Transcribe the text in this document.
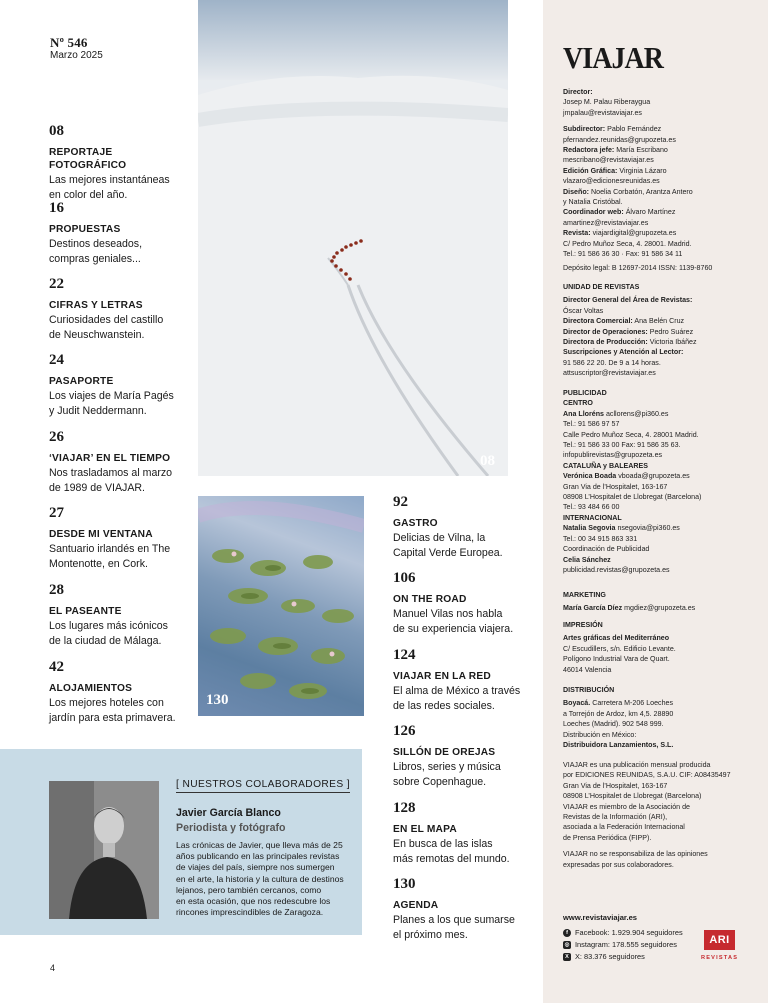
Nº 546
Marzo 2025
08
REPORTAJE FOTOGRÁFICO
Las mejores instantáneas
en color del año.
16
PROPUESTAS
Destinos deseados,
compras geniales...
22
CIFRAS Y LETRAS
Curiosidades del castillo
de Neuschwanstein.
24
PASAPORTE
Los viajes de María Pagés
y Judit Neddermann.
26
‘VIAJAR’ EN EL TIEMPO
Nos trasladamos al marzo
de 1989 de VIAJAR.
27
DESDE MI VENTANA
Santuario irlandés en The
Montenotte, en Cork.
28
EL PASEANTE
Los lugares más icónicos
de la ciudad de Málaga.
42
ALOJAMIENTOS
Los mejores hoteles con
jardín para esta primavera.
08
130
92
GASTRO
Delicias de Vilna, la
Capital Verde Europea.
106
ON THE ROAD
Manuel Vilas nos habla
de su experiencia viajera.
124
VIAJAR EN LA RED
El alma de México a través
de las redes sociales.
126
SILLÓN DE OREJAS
Libros, series y música
sobre Copenhague.
128
EN EL MAPA
En busca de las islas
más remotas del mundo.
130
AGENDA
Planes a los que sumarse
el próximo mes.
[ NUESTROS COLABORADORES ]
Javier García Blanco
Periodista y fotógrafo
Las crónicas de Javier, que lleva más de 25
años publicando en las principales revistas
de viajes del país, siempre nos sumergen
en el arte, la historia y la cultura de destinos
lejanos, pero también cercanos, como
en esta ocasión, que nos redescubre los
rincones imprescindibles de Zaragoza.
VIAJAR

Director:

Josep M. Palau Riberaygua

jmpalau@revistaviajar.es

Subdirector: Pablo Fernández

pfernandez.reunidas@grupozeta.es

Redactora jefe: María Escribano

mescribano@revistaviajar.es

Edición Gráfica: Virginia Lázaro

vlazaro@edicionesreunidas.es

Diseño: Noelia Corbatón, Arantza Antero

y Natalia Cristóbal.

Coordinador web: Álvaro Martínez

amartinez@revistaviajar.es

Revista: viajardigital@grupozeta.es

C/ Pedro Muñoz Seca, 4. 28001. Madrid.

Tel.: 91 586 36 30 · Fax: 91 586 34 11

Depósito legal: B 12697-2014 ISSN: 1139-8760

UNIDAD DE REVISTAS

Director General del Área de Revistas:

Óscar Voltas

Directora Comercial: Ana Belén Cruz

Director de Operaciones: Pedro Suárez

Directora de Producción: Victoria Ibáñez

Suscripciones y Atención al Lector:

91 586 22 20. De 9 a 14 horas.

attsuscriptor@revistaviajar.es

PUBLICIDAD

CENTRO

Ana Lloréns acllorens@pi360.es

Tel.: 91 586 97 57

Calle Pedro Muñoz Seca, 4. 28001 Madrid.

Tel.: 91 586 33 00 Fax: 91 586 35 63.

infopublirevistas@grupozeta.es

CATALUÑA y BALEARES

Verónica Boada vboada@grupozeta.es

Gran Via de l’Hospitalet, 163-167

08908 L’Hospitalet de Llobregat (Barcelona)

Tel.: 93 484 66 00

INTERNACIONAL

Natalia Segovia nsegovia@pi360.es

Tel.: 00 34 915 863 331

Coordinación de Publicidad

Celia Sánchez

publicidad.revistas@grupozeta.es

MARKETING

María García Díez mgdiez@grupozeta.es

IMPRESIÓN

Artes gráficas del Mediterráneo

C/ Escudillers, s/n. Edificio Levante.

Polígono Industrial Vara de Quart.

46014 Valencia

DISTRIBUCIÓN

Boyacá. Carretera M-206 Loeches

a Torrejón de Ardoz, km 4,5. 28890

Loeches (Madrid). 902 548 999.

Distribución en México:

Distribuidora Lanzamientos, S.L.

VIAJAR es una publicación mensual producida

por EDICIONES REUNIDAS, S.A.U. CIF: A08435497

Gran Via de l’Hospitalet, 163-167

08908 L’Hospitalet de Llobregat (Barcelona)

VIAJAR es miembro de la Asociación de

Revistas de la Información (ARI),

asociada a la Federación Internacional

de Prensa Periódica (FIPP).

VIAJAR no se responsabiliza de las opiniones

expresadas por sus colaboradores.

www.revistaviajar.es
f Facebook: 1.929.904 seguidores
◎ Instagram: 178.555 seguidores
X X: 83.376 seguidores
ARI
REVISTAS
4
